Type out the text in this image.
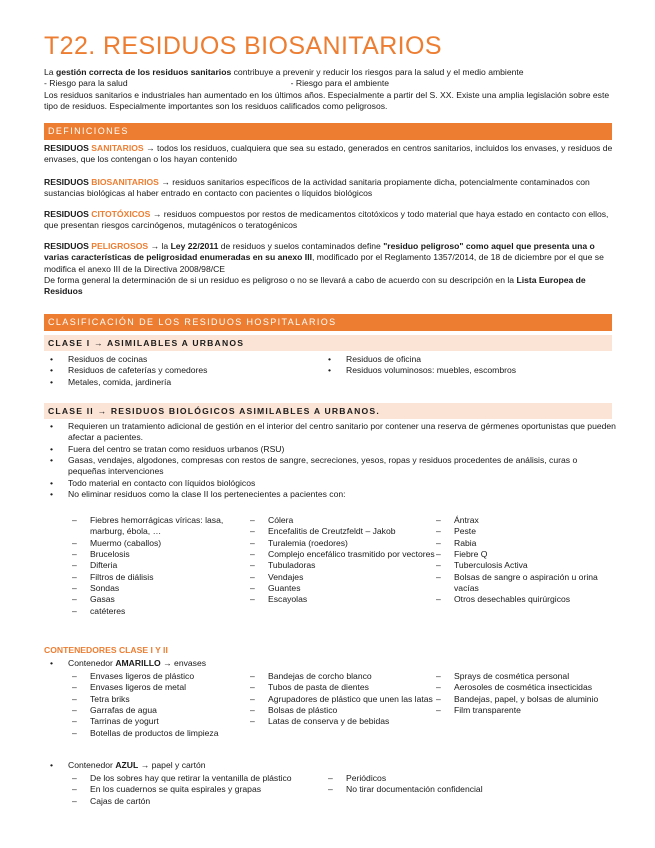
T22. RESIDUOS BIOSANITARIOS

La gestión correcta de los residuos sanitarios contribuye a prevenir y reducir los riesgos para la salud y el medio ambiente

- Riesgo para la salud	- Riesgo para el ambiente

Los residuos sanitarios e industriales han aumentado en los últimos años. Especialmente a partir del S. XX. Existe una amplia legislación sobre este tipo de residuos. Especialmente importantes son los residuos calificados como peligrosos.

DEFINICIONES

RESIDUOS SANITARIOS → todos los residuos, cualquiera que sea su estado, generados en centros sanitarios, incluidos los envases, y residuos de envases, que los contengan o los hayan contenido

RESIDUOS BIOSANITARIOS → residuos sanitarios específicos de la actividad sanitaria propiamente dicha, potencialmente contaminados con sustancias biológicas al haber entrado en contacto con pacientes o líquidos biológicos

RESIDUOS CITOTÓXICOS → residuos compuestos por restos de medicamentos citotóxicos y todo material que haya estado en contacto con ellos, que presentan riesgos carcinógenos, mutagénicos o teratogénicos

RESIDUOS PELIGROSOS → la Ley 22/2011 de residuos y suelos contaminados define "residuo peligroso" como aquel que presenta una o varias características de peligrosidad enumeradas en su anexo III, modificado por el Reglamento 1357/2014, de 18 de diciembre por el que se modifica el anexo III de la Directiva 2008/98/CE

De forma general la determinación de si un residuo es peligroso o no se llevará a cabo de acuerdo con su descripción en la Lista Europea de Residuos

CLASIFICACIÓN DE LOS RESIDUOS HOSPITALARIOS
CLASE I → ASIMILABLES A URBANOS
• Residuos de cocinas
• Residuos de cafeterías y comedores
• Metales, comida, jardinería
• Residuos de oficina
• Residuos voluminosos: muebles, escombros
CLASE II → RESIDUOS BIOLÓGICOS ASIMILABLES A URBANOS.
• Requieren un tratamiento adicional de gestión en el interior del centro sanitario por contener una reserva de gérmenes oportunistas que pueden afectar a pacientes.
• Fuera del centro se tratan como residuos urbanos (RSU)
• Gasas, vendajes, algodones, compresas con restos de sangre, secreciones, yesos, ropas y residuos procedentes de análisis, curas o pequeñas intervenciones
• Todo material en contacto con líquidos biológicos
• No eliminar residuos como la clase II los pertenecientes a pacientes con:
– Fiebres hemorrágicas víricas: lasa, marburg, ébola, …
– Muermo (caballos)
– Brucelosis
– Difteria
– Filtros de diálisis
– Sondas
– Gasas
– catéteres
– Cólera
– Encefalitis de Creutzfeldt – Jakob
– Turalemia (roedores)
– Complejo encefálico trasmitido por vectores
– Tubuladoras
– Vendajes
– Guantes
– Escayolas
– Ántrax
– Peste
– Rabia
– Fiebre Q
– Tuberculosis Activa
– Bolsas de sangre o aspiración u orina vacías
– Otros desechables quirúrgicos
CONTENEDORES CLASE I Y II
• Contenedor AMARILLO → envases
– Envases ligeros de plástico
– Envases ligeros de metal
– Tetra briks
– Garrafas de agua
– Tarrinas de yogurt
– Botellas de productos de limpieza
– Bandejas de corcho blanco
– Tubos de pasta de dientes
– Agrupadores de plástico que unen las latas
– Bolsas de plástico
– Latas de conserva y de bebidas
– Sprays de cosmética personal
– Aerosoles de cosmética insecticidas
– Bandejas, papel, y bolsas de aluminio
– Film transparente
• Contenedor AZUL → papel y cartón
– De los sobres hay que retirar la ventanilla de plástico
– En los cuadernos se quita espirales y grapas
– Cajas de cartón
– Periódicos
– No tirar documentación confidencial
